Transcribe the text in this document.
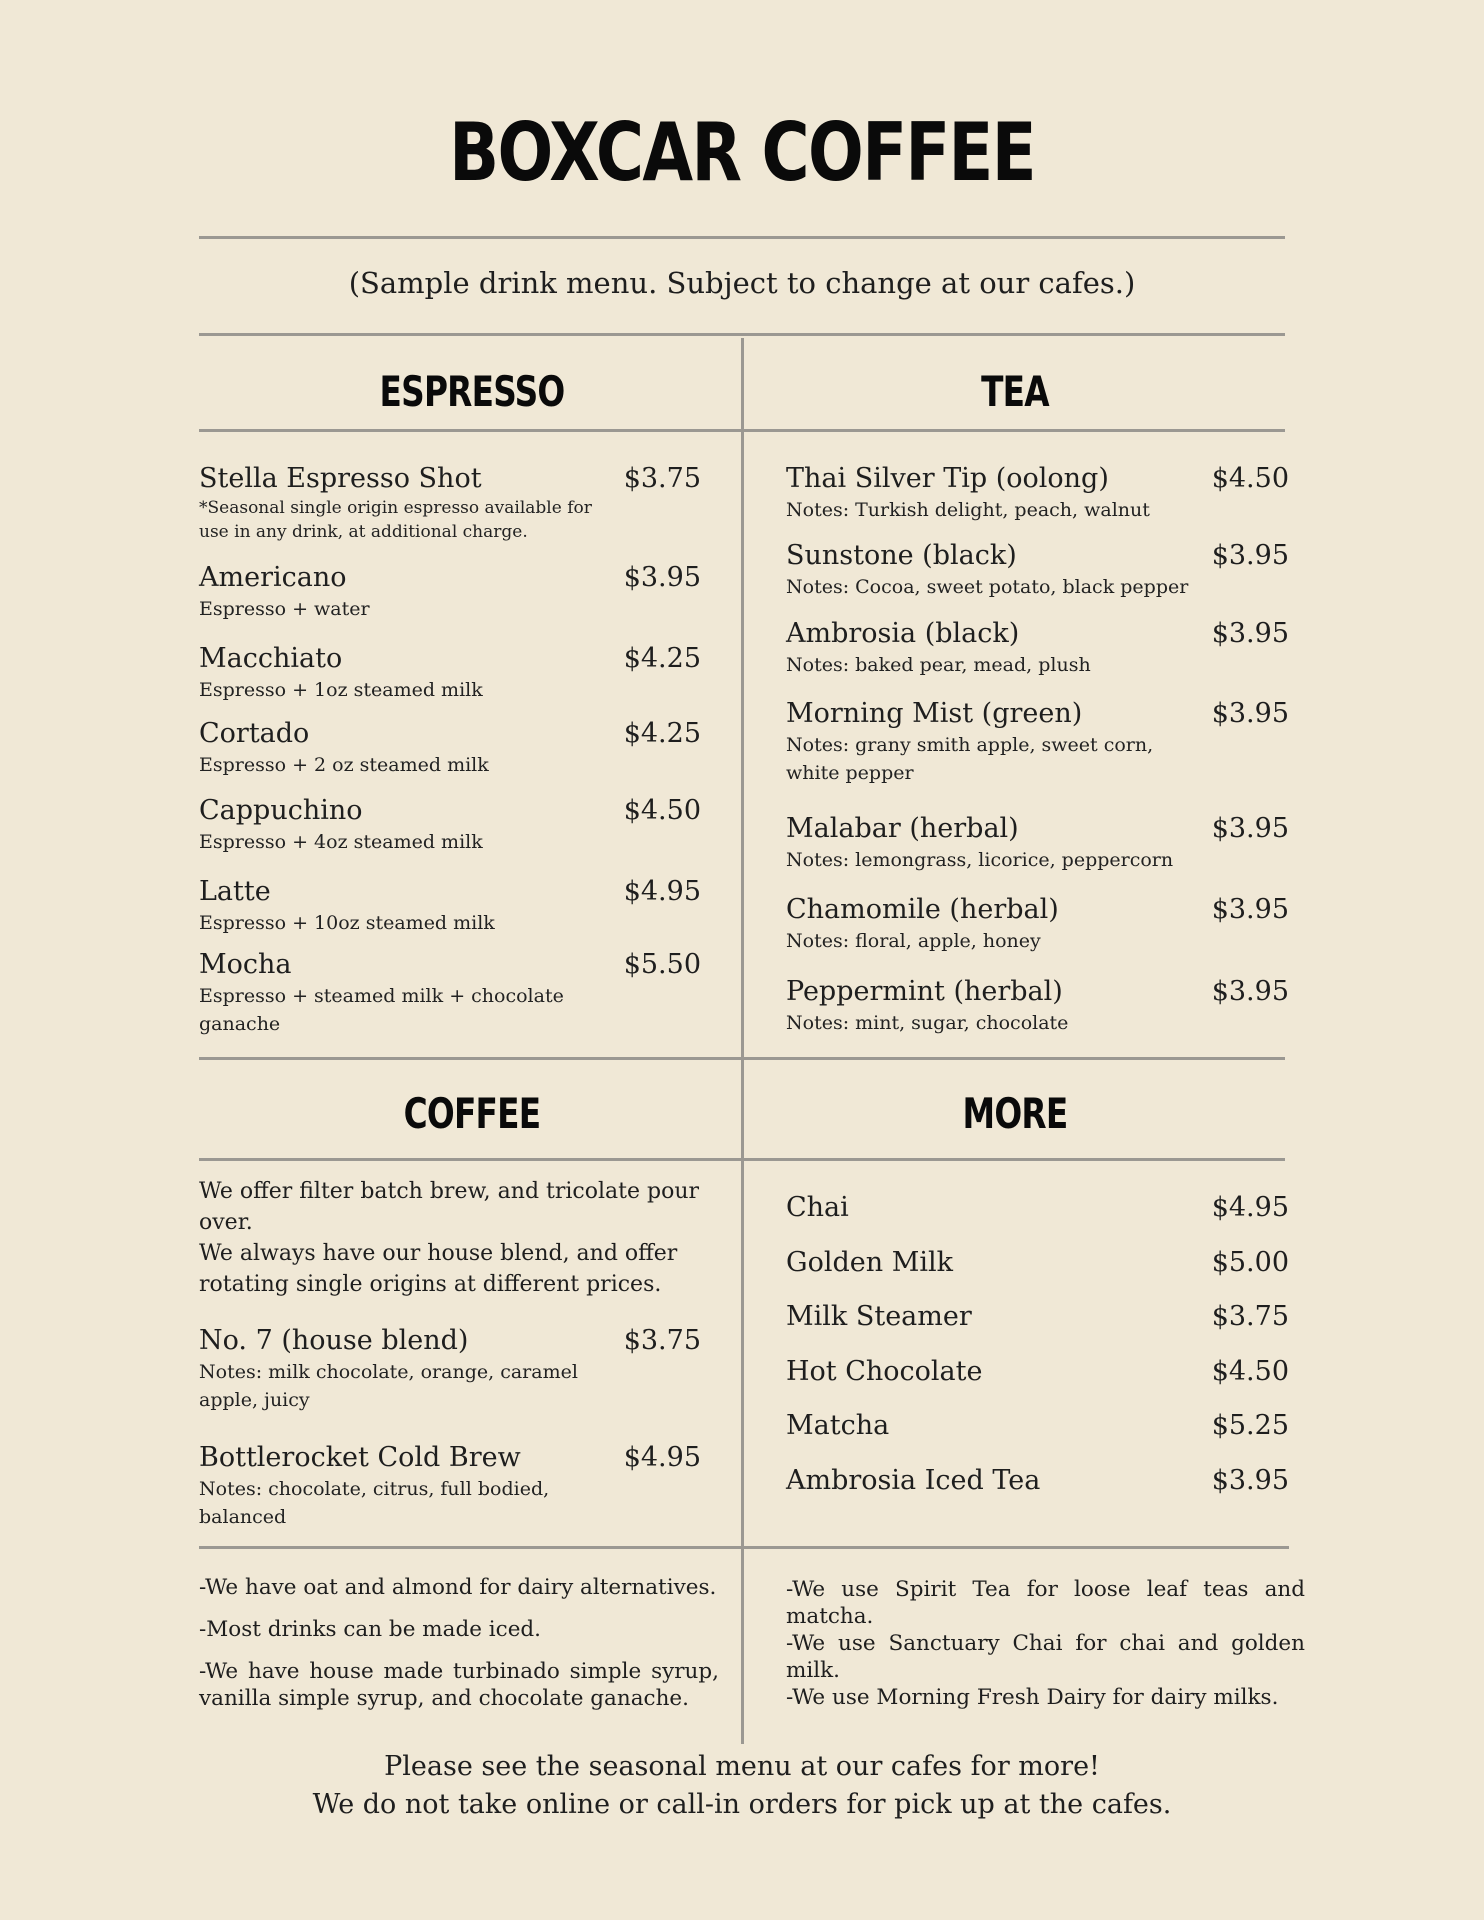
BOXCAR COFFEE
(Sample drink menu. Subject to change at our cafes.)
ESPRESSO	TEA
Stella Espresso Shot	$3.75
*Seasonal single origin espresso available for use in any drink, at additional charge.
Americano	$3.95
Espresso + water
Macchiato	$4.25
Espresso + 1oz steamed milk
Cortado	$4.25
Espresso + 2 oz steamed milk
Cappuchino	$4.50
Espresso + 4oz steamed milk
Latte	$4.95
Espresso + 10oz steamed milk
Mocha	$5.50
Espresso + steamed milk + chocolate ganache
Thai Silver Tip (oolong)	$4.50
Notes: Turkish delight, peach, walnut
Sunstone (black)	$3.95
Notes: Cocoa, sweet potato, black pepper
Ambrosia (black)	$3.95
Notes: baked pear, mead, plush
Morning Mist (green)	$3.95
Notes: grany smith apple, sweet corn, white pepper
Malabar (herbal)	$3.95
Notes: lemongrass, licorice, peppercorn
Chamomile (herbal)	$3.95
Notes: floral, apple, honey
Peppermint (herbal)	$3.95
Notes: mint, sugar, chocolate
COFFEE	MORE
We offer filter batch brew, and tricolate pour over.
We always have our house blend, and offer rotating single origins at different prices.
No. 7 (house blend)	$3.75
Notes: milk chocolate, orange, caramel apple, juicy
Bottlerocket Cold Brew	$4.95
Notes: chocolate, citrus, full bodied, balanced
Chai	$4.95
Golden Milk	$5.00
Milk Steamer	$3.75
Hot Chocolate	$4.50
Matcha	$5.25
Ambrosia Iced Tea	$3.95
-We have oat and almond for dairy alternatives.
-Most drinks can be made iced.
-We have house made turbinado simple syrup, vanilla simple syrup, and chocolate ganache.
-We use Spirit Tea for loose leaf teas and matcha.
-We use Sanctuary Chai for chai and golden milk.
-We use Morning Fresh Dairy for dairy milks.
Please see the seasonal menu at our cafes for more!
We do not take online or call-in orders for pick up at the cafes.
